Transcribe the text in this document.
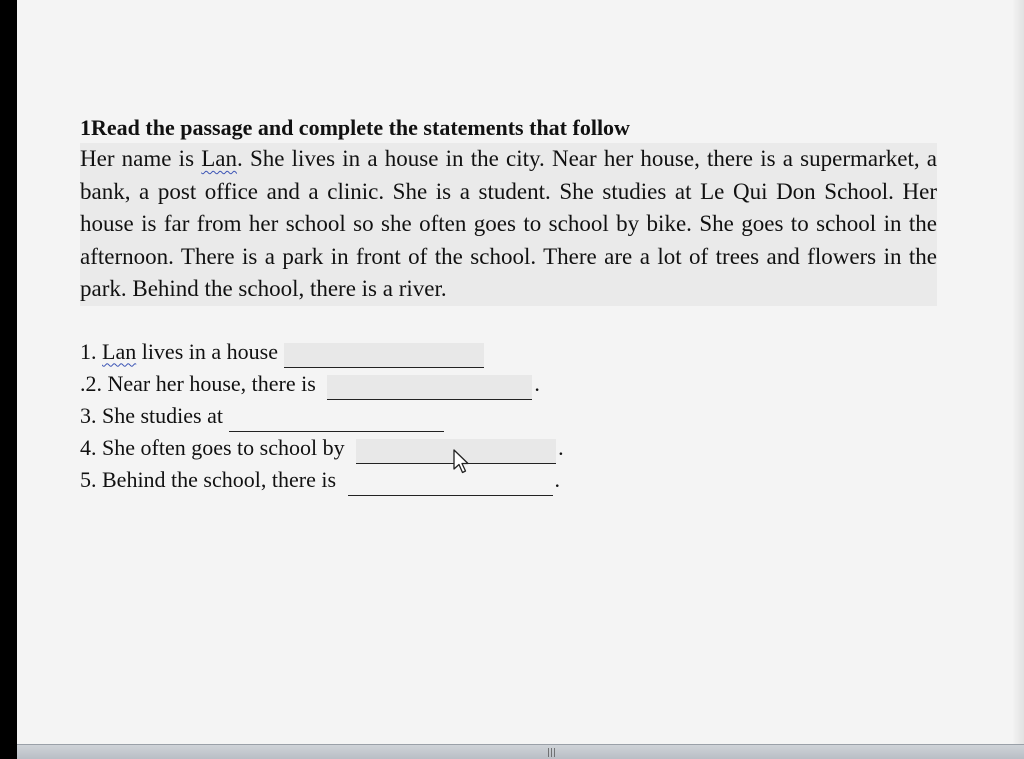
1Read the passage and complete the statements that follow

Her name is Lan. She lives in a house in the city. Near her house, there is a supermarket, a bank, a post office and a clinic. She is a student. She studies at Le Qui Don School. Her house is far from her school so she often goes to school by bike. She goes to school in the afternoon. There is a park in front of the school. There are a lot of trees and flowers in the park. Behind the school, there is a river.

1. Lan lives in a house
.2. Near her house, there is	.
3. She studies at
4. She often goes to school by	.
5. Behind the school, there is	.
|||
